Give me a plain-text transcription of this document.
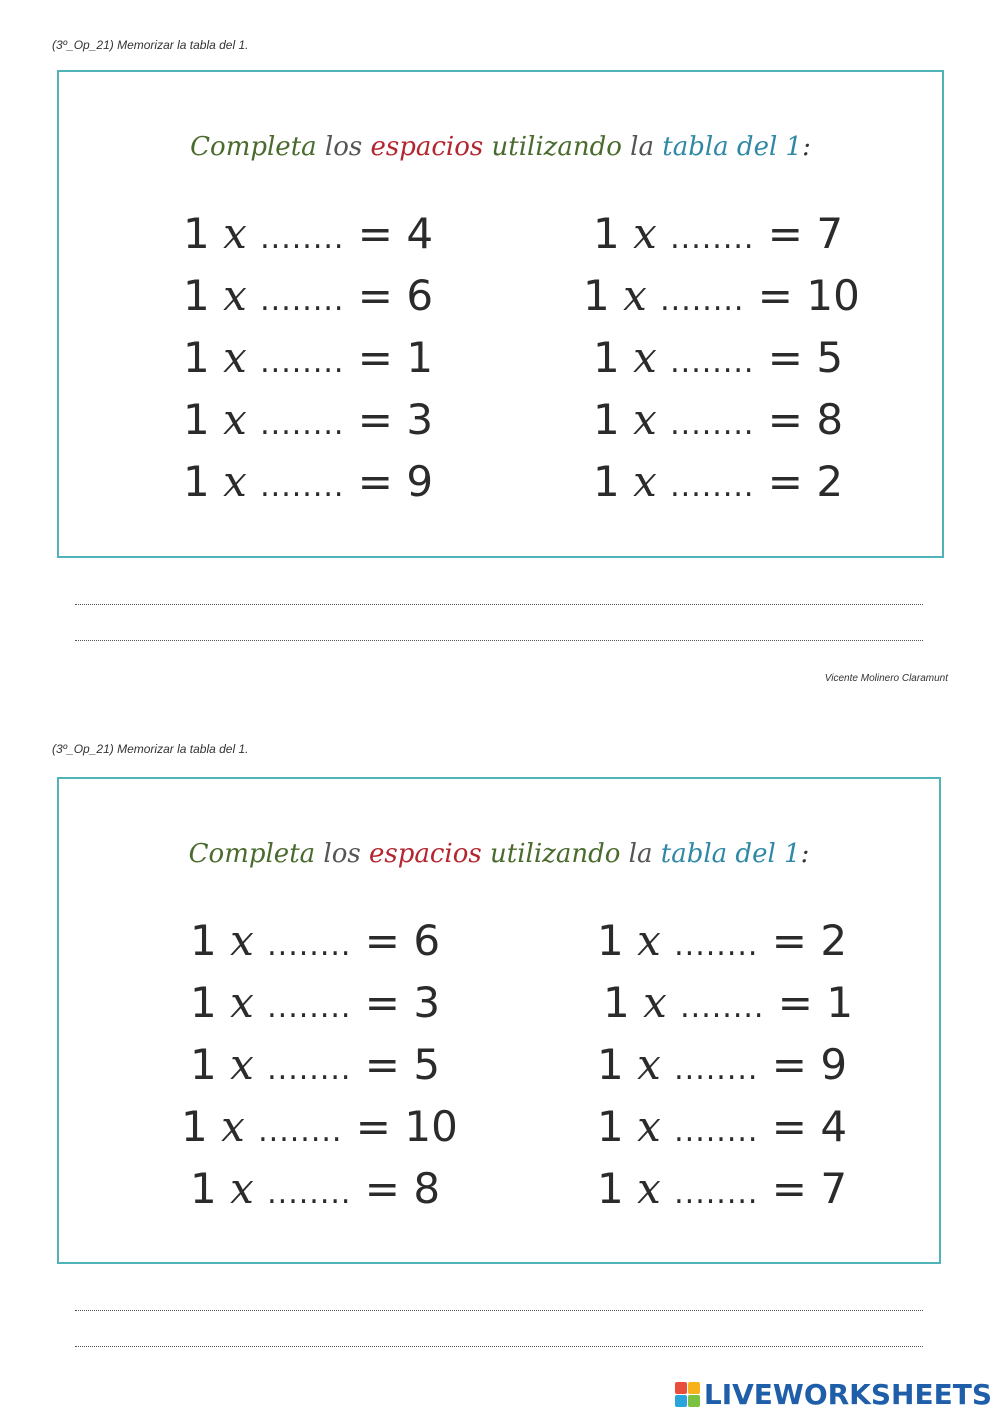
(3º_Op_21) Memorizar la tabla del 1.
Completa los espacios utilizando la tabla del 1:
Vicente Molinero Claramunt
(3º_Op_21) Memorizar la tabla del 1.
Completa los espacios utilizando la tabla del 1:
1 x ........ = 4
1 x ........ = 6
1 x ........ = 1
1 x ........ = 3
1 x ........ = 9
1 x ........ = 7
1 x ........ = 10
1 x ........ = 5
1 x ........ = 8
1 x ........ = 2
1 x ........ = 6
1 x ........ = 3
1 x ........ = 5
1 x ........ = 10
1 x ........ = 8
1 x ........ = 2
1 x ........ = 1
1 x ........ = 9
1 x ........ = 4
1 x ........ = 7
LIVEWORKSHEETS
